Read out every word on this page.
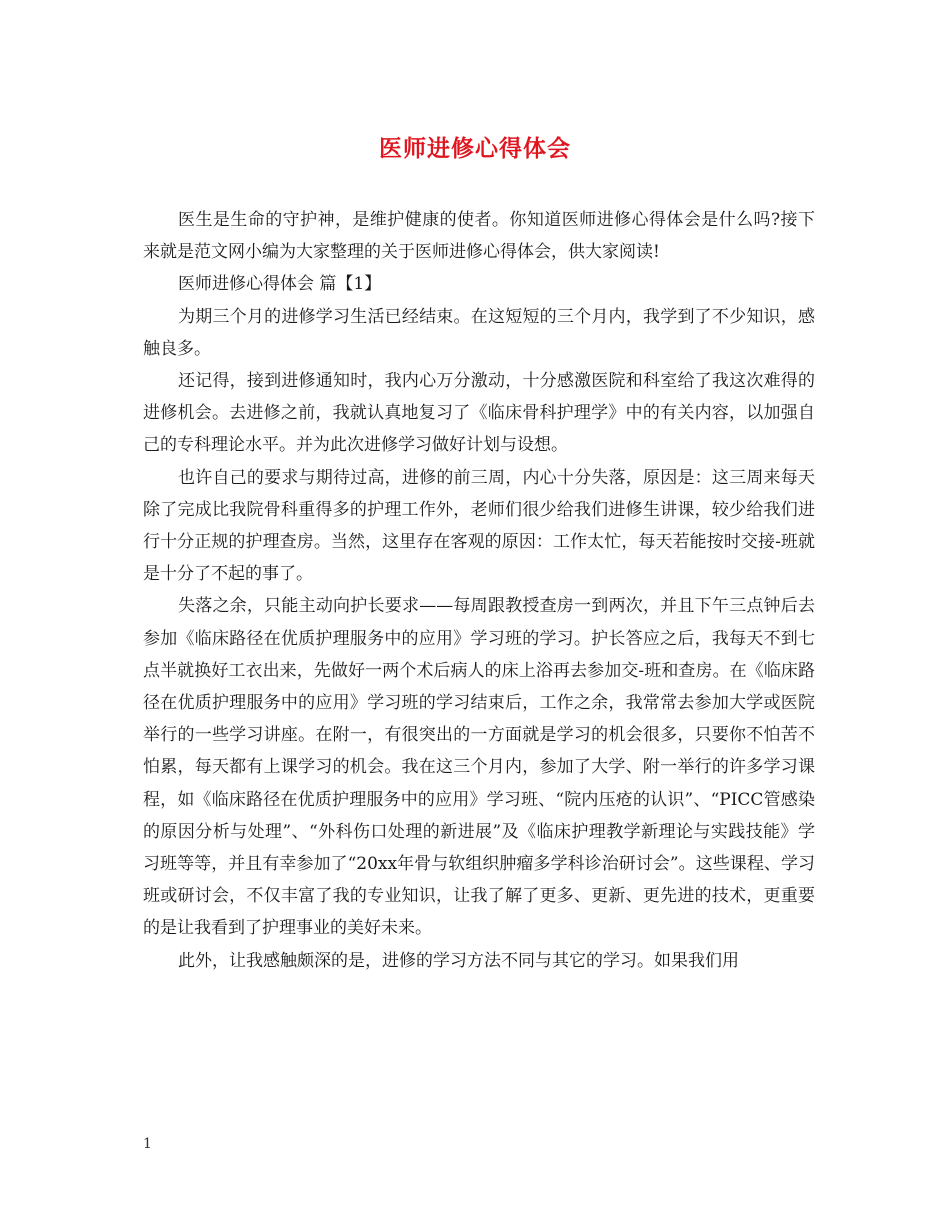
医师进修心得体会

医生是生命的守护神，是维护健康的使者。你知道医师进修心得体会是什么吗?接下来就是范文网小编为大家整理的关于医师进修心得体会，供大家阅读!

医师进修心得体会 篇【1】

为期三个月的进修学习生活已经结束。在这短短的三个月内，我学到了不少知识，感触良多。

还记得，接到进修通知时，我内心万分激动，十分感激医院和科室给了我这次难得的进修机会。去进修之前，我就认真地复习了《临床骨科护理学》中的有关内容，以加强自己的专科理论水平。并为此次进修学习做好计划与设想。

也许自己的要求与期待过高，进修的前三周，内心十分失落，原因是：这三周来每天除了完成比我院骨科重得多的护理工作外，老师们很少给我们进修生讲课，较少给我们进行十分正规的护理查房。当然，这里存在客观的原因：工作太忙，每天若能按时交接-班就是十分了不起的事了。

失落之余，只能主动向护长要求——每周跟教授查房一到两次，并且下午三点钟后去参加《临床路径在优质护理服务中的应用》学习班的学习。护长答应之后，我每天不到七点半就换好工衣出来，先做好一两个术后病人的床上浴再去参加交-班和查房。在《临床路径在优质护理服务中的应用》学习班的学习结束后，工作之余，我常常去参加大学或医院举行的一些学习讲座。在附一，有很突出的一方面就是学习的机会很多，只要你不怕苦不怕累，每天都有上课学习的机会。我在这三个月内，参加了大学、附一举行的许多学习课程，如《临床路径在优质护理服务中的应用》学习班、“院内压疮的认识”、“PICC管感染的原因分析与处理”、“外科伤口处理的新进展”及《临床护理教学新理论与实践技能》学习班等等，并且有幸参加了“20xx年骨与软组织肿瘤多学科诊治研讨会”。这些课程、学习班或研讨会，不仅丰富了我的专业知识，让我了解了更多、更新、更先进的技术，更重要的是让我看到了护理事业的美好未来。

此外，让我感触颇深的是，进修的学习方法不同与其它的学习。如果我们用

1
